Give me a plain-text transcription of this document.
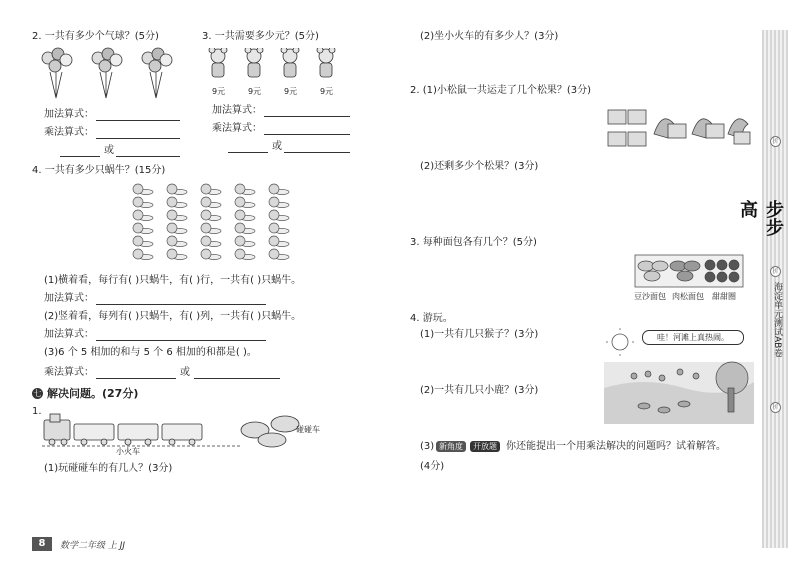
2. 一共有多少个气球？(5分)
加法算式：
乘法算式：
或
3. 一共需要多少元？(5分)
9元	9元	9元	9元
加法算式：
乘法算式：
或
4. 一共有多少只蜗牛？(15分)
(1)横着看，每行有( )只蜗牛，有( )行，一共有( )只蜗牛。
加法算式：
(2)竖着看，每列有( )只蜗牛，有( )列，一共有( )只蜗牛。
加法算式：
(3)6 个 5 相加的和与 5 个 6 相加的和都是( )。
乘法算式：	或
七 解决问题。(27分)
1.
碰碰车
小火车
(1)玩碰碰车的有几人？(3分)
(2)坐小火车的有多少人？(3分)
2. (1)小松鼠一共运走了几个松果？(3分)
(2)还剩多少个松果？(3分)
3. 每种面包各有几个？(5分)
豆沙面包 肉松面包 甜甜圈
4. 游玩。
(1)一共有几只猴子？(3分)	哇！河滩上真热闹。
(2)一共有几只小鹿？(3分)
(3) 新角度	开放题 你还能提出一个用乘法解决的问题吗？试着解答。
(4分)
折
步步高
折
海淀单元测试AB卷
折
8	数学二年级 上 JJ
